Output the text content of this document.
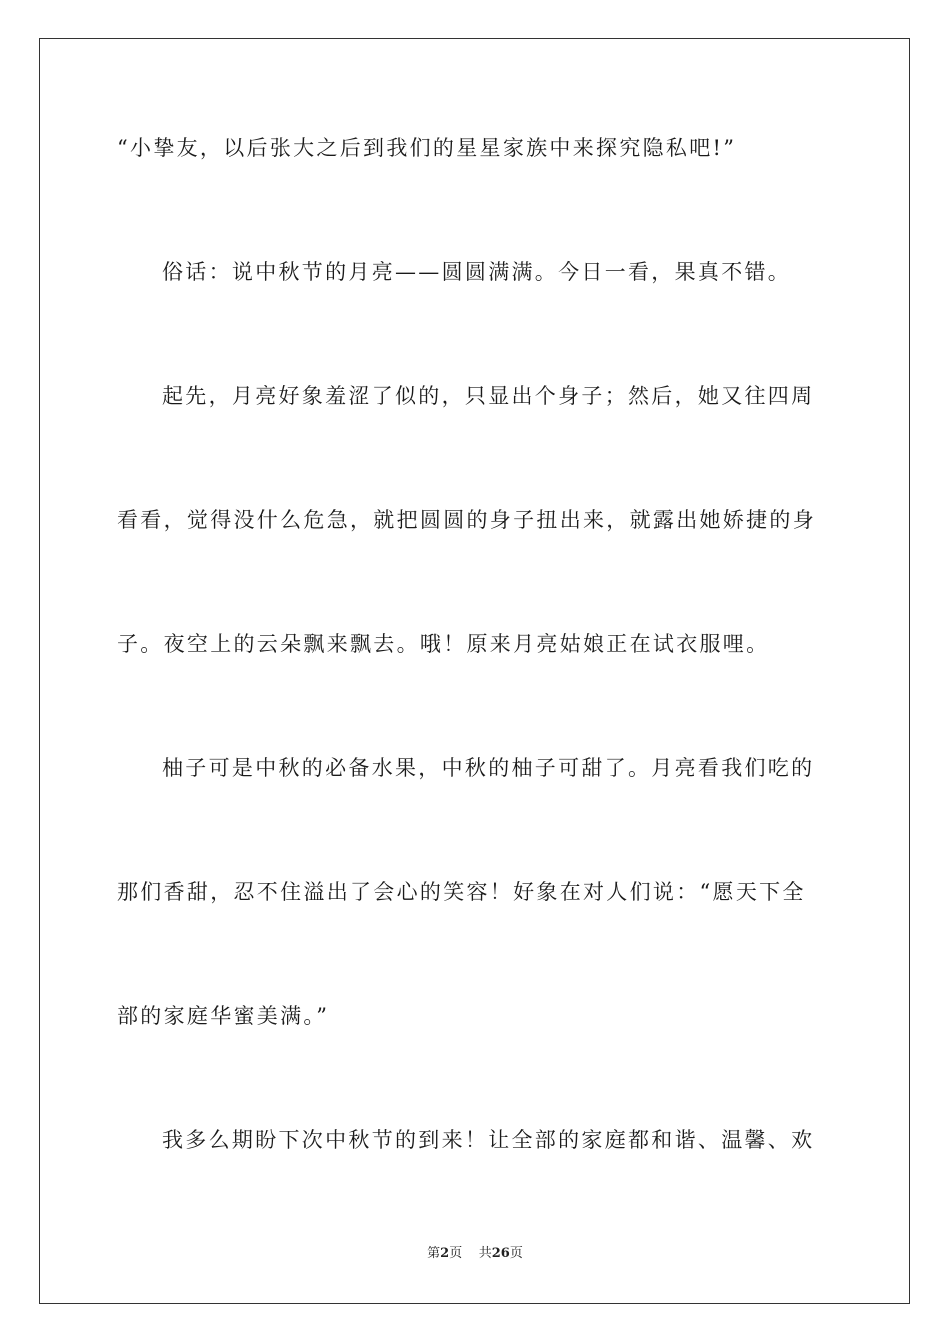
“小挚友，以后张大之后到我们的星星家族中来探究隐私吧!”
俗话：说中秋节的月亮——圆圆满满。今日一看，果真不错。
起先，月亮好象羞涩了似的，只显出个身子；然后，她又往四周
看看，觉得没什么危急，就把圆圆的身子扭出来，就露出她娇捷的身
子。夜空上的云朵飘来飘去。哦！原来月亮姑娘正在试衣服哩。
柚子可是中秋的必备水果，中秋的柚子可甜了。月亮看我们吃的
那们香甜，忍不住溢出了会心的笑容！好象在对人们说：“愿天下全
部的家庭华蜜美满。”
我多么期盼下次中秋节的到来！让全部的家庭都和谐、温馨、欢
第2页 共26页
